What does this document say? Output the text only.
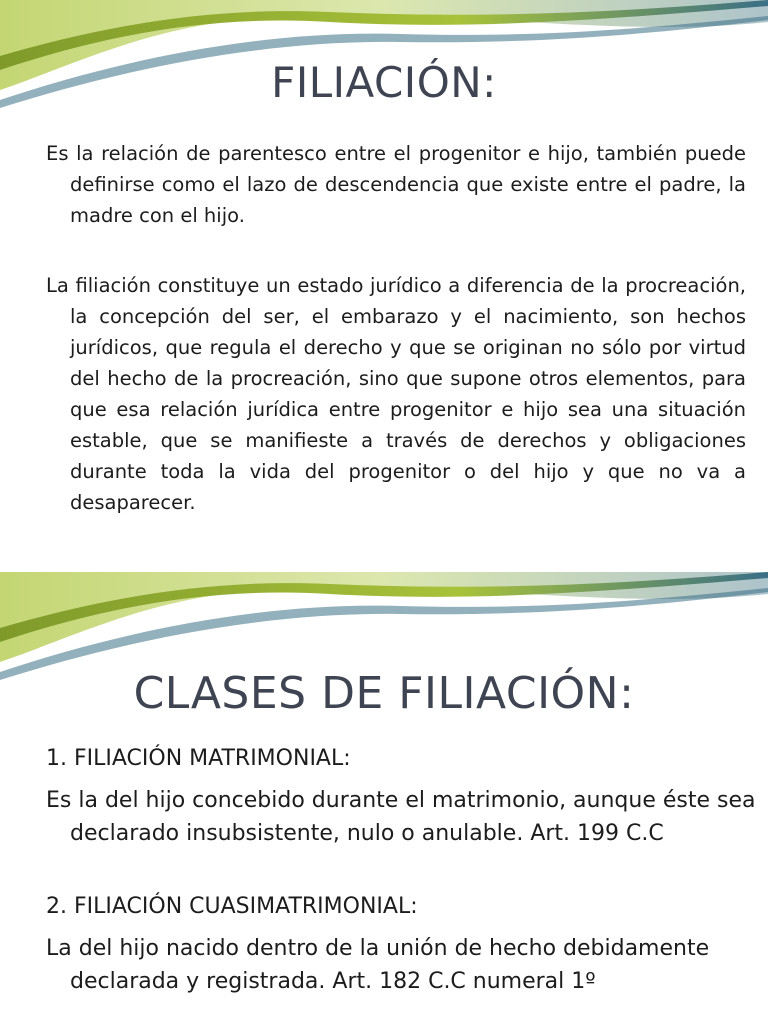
FILIACIÓN:

Es la relación de parentesco entre el progenitor e hijo, también puede definirse como el lazo de descendencia que existe entre el padre, la madre con el hijo.

La filiación constituye un estado jurídico a diferencia de la procreación, la concepción del ser, el embarazo y el nacimiento, son hechos jurídicos, que regula el derecho y que se originan no sólo por virtud del hecho de la procreación, sino que supone otros elementos, para que esa relación jurídica entre progenitor e hijo sea una situación estable, que se manifieste a través de derechos y obligaciones durante toda la vida del progenitor o del hijo y que no va a desaparecer.

CLASES DE FILIACIÓN:

1. FILIACIÓN MATRIMONIAL:

Es la del hijo concebido durante el matrimonio, aunque éste sea declarado insubsistente, nulo o anulable. Art. 199 C.C

2. FILIACIÓN CUASIMATRIMONIAL:

La del hijo nacido dentro de la unión de hecho debidamente declarada y registrada. Art. 182 C.C numeral 1º
